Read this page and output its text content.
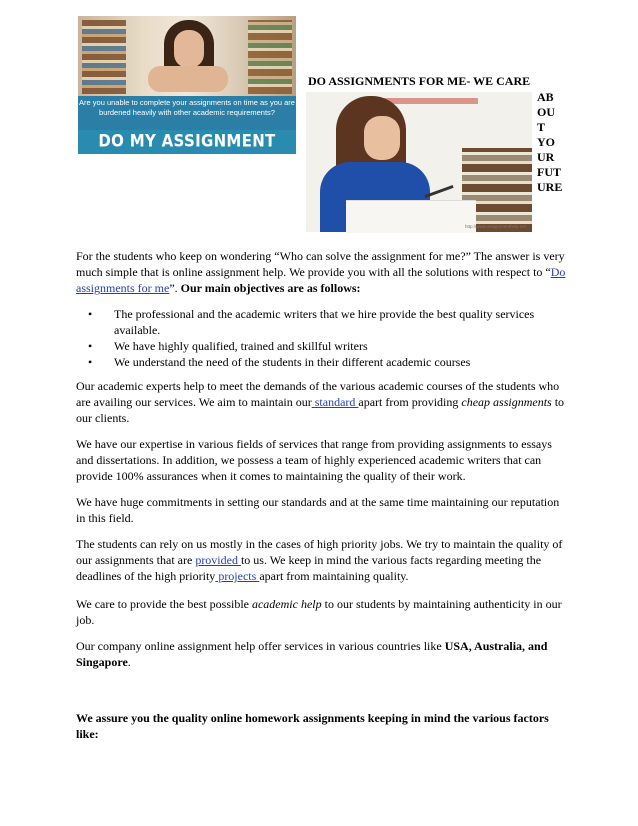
Are you unable to complete your assignments on time as you are burdened heavily with other academic requirements?
DO MY ASSIGNMENT FOR ME
DO ASSIGNMENTS FOR ME- WE CARE
AB
OU
T
YO
UR
FUT
URE
http://www.assignmenthelp.net

For the students who keep on wondering “Who can solve the assignment for me?” The answer is very much simple that is online assignment help. We provide you with all the solutions with respect to “Do assignments for me”. Our main objectives are as follows:

• The professional and the academic writers that we hire provide the best quality services available.
• We have highly qualified, trained and skillful writers
• We understand the need of the students in their different academic courses

Our academic experts help to meet the demands of the various academic courses of the students who are availing our services. We aim to maintain our standard apart from providing cheap assignments to our clients.

We have our expertise in various fields of services that range from providing assignments to essays and dissertations. In addition, we possess a team of highly experienced academic writers that can provide 100% assurances when it comes to maintaining the quality of their work.

We have huge commitments in setting our standards and at the same time maintaining our reputation in this field.

The students can rely on us mostly in the cases of high priority jobs. We try to maintain the quality of our assignments that are provided to us. We keep in mind the various facts regarding meeting the deadlines of the high priority projects apart from maintaining quality.

We care to provide the best possible academic help to our students by maintaining authenticity in our job.

Our company online assignment help offer services in various countries like USA, Australia, and Singapore.

We assure you the quality online homework assignments keeping in mind the various factors like:
